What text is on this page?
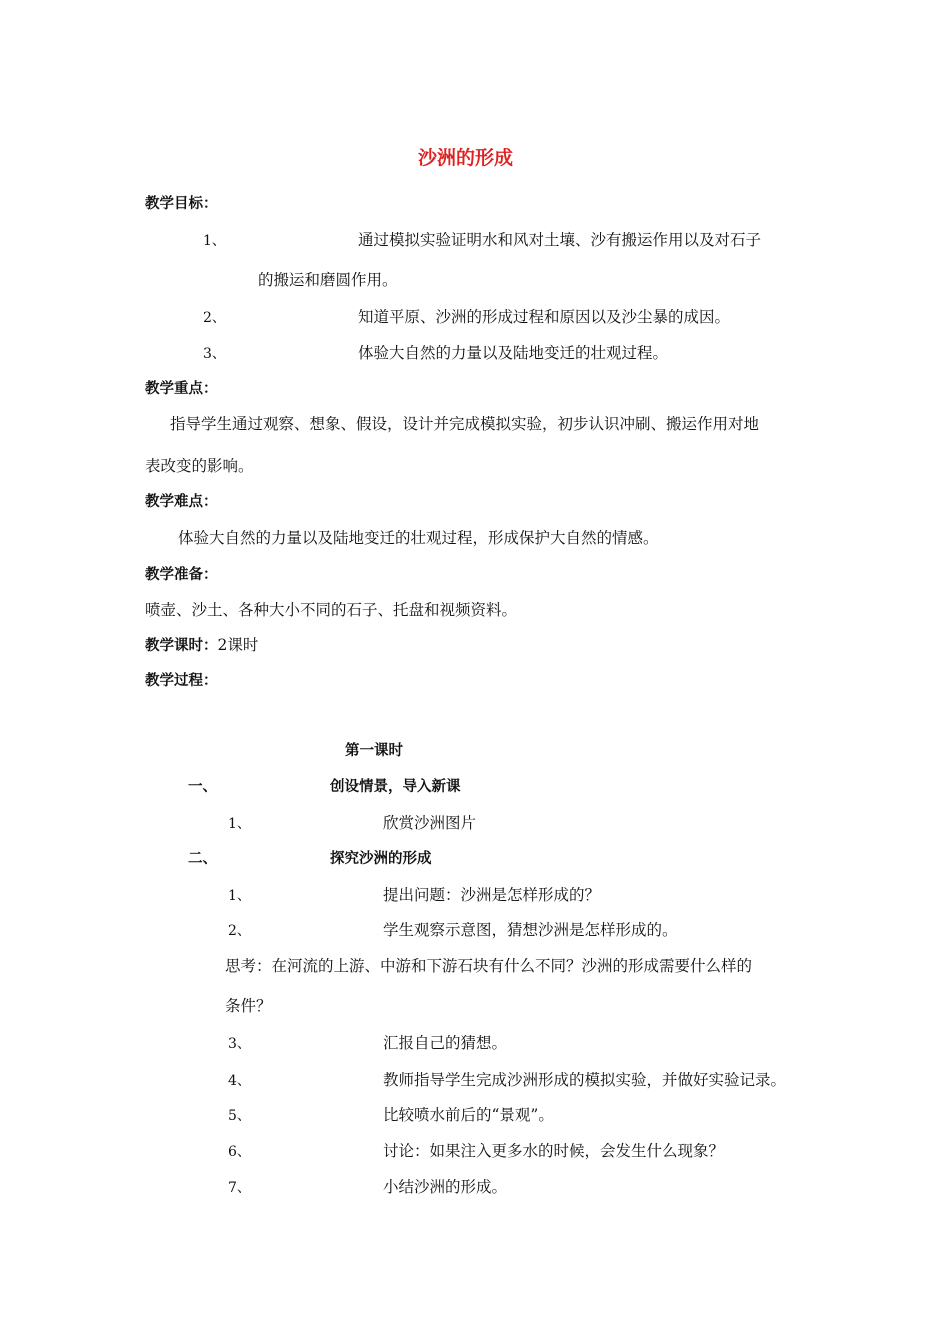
沙洲的形成
教学目标：
1、	通过模拟实验证明水和风对土壤、沙有搬运作用以及对石子
的搬运和磨圆作用。
2、	知道平原、沙洲的形成过程和原因以及沙尘暴的成因。
3、	体验大自然的力量以及陆地变迁的壮观过程。
教学重点：
指导学生通过观察、想象、假设，设计并完成模拟实验，初步认识冲刷、搬运作用对地
表改变的影响。
教学难点：
体验大自然的力量以及陆地变迁的壮观过程，形成保护大自然的情感。
教学准备：
喷壶、沙土、各种大小不同的石子、托盘和视频资料。
教学课时：2课时
教学过程：
第一课时
一、	创设情景，导入新课
1、	欣赏沙洲图片
二、	探究沙洲的形成
1、	提出问题：沙洲是怎样形成的？
2、	学生观察示意图，猜想沙洲是怎样形成的。
思考：在河流的上游、中游和下游石块有什么不同？沙洲的形成需要什么样的
条件？
3、	汇报自己的猜想。
4、	教师指导学生完成沙洲形成的模拟实验，并做好实验记录。
5、	比较喷水前后的“景观”。
6、	讨论：如果注入更多水的时候，会发生什么现象？
7、	小结沙洲的形成。
